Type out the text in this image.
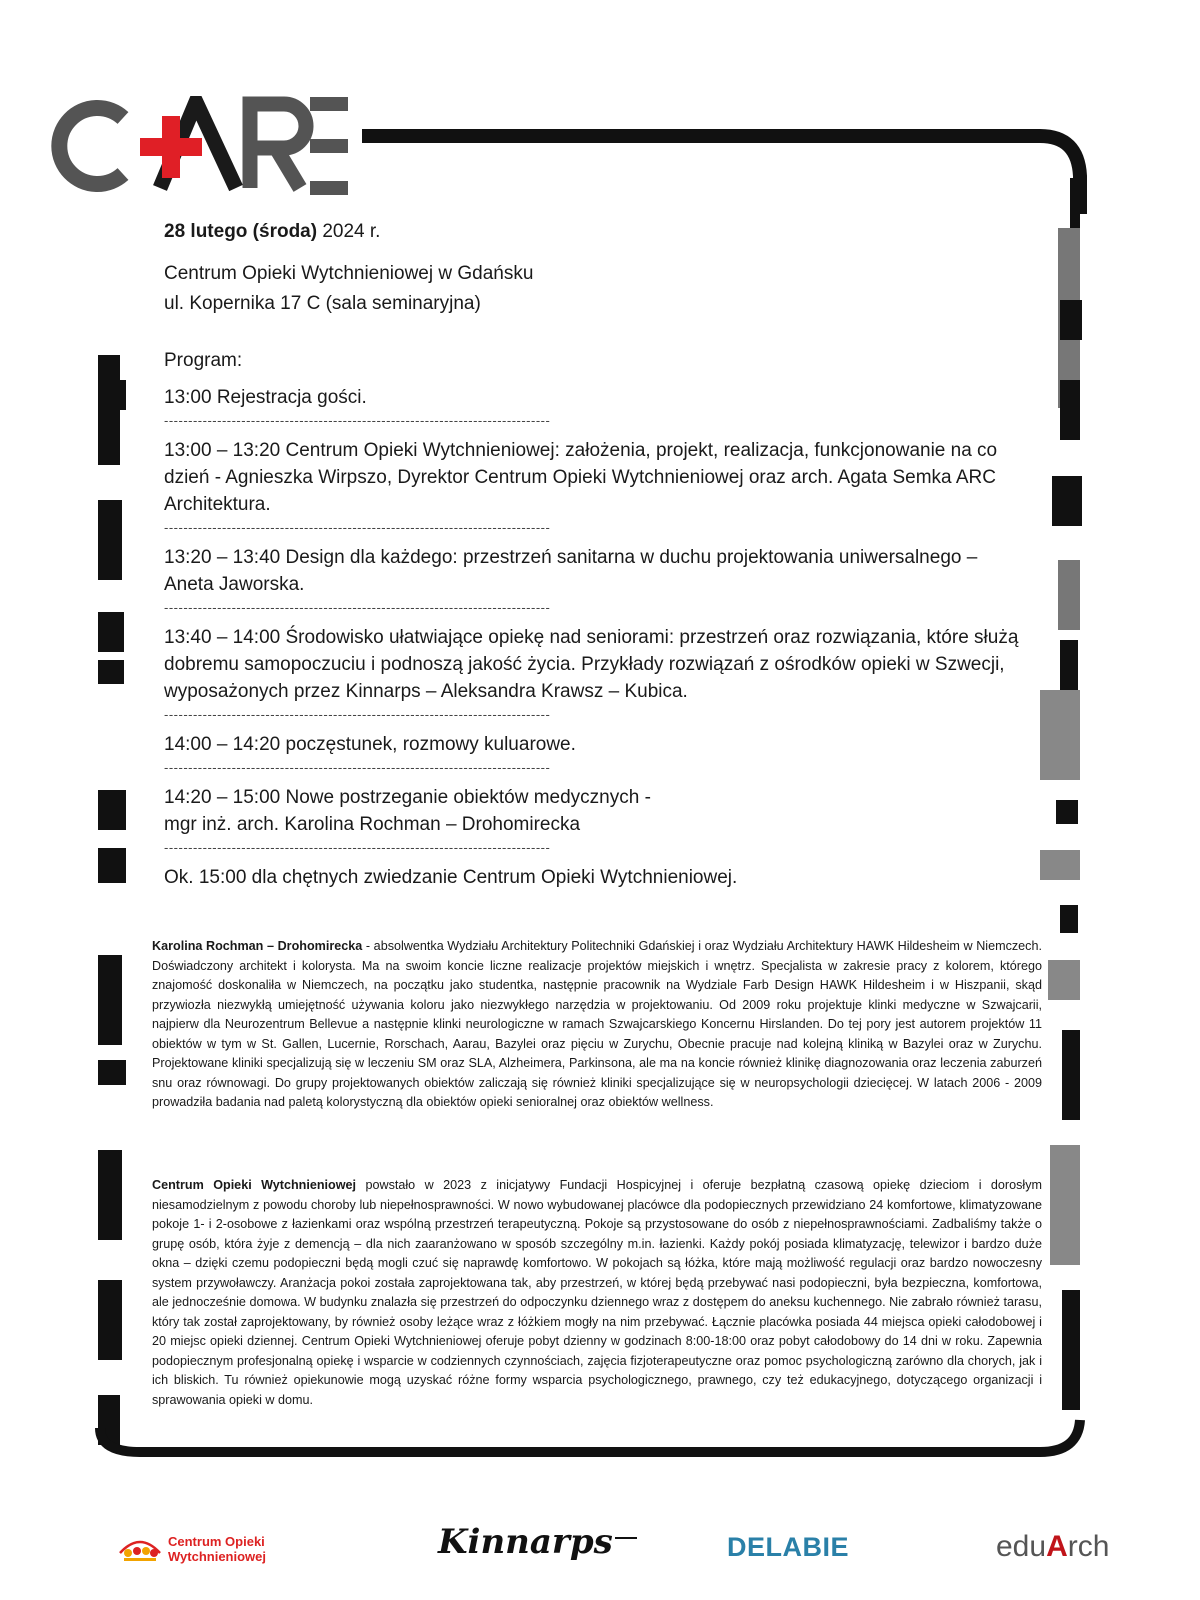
28 lutego (środa) 2024 r.
Centrum Opieki Wytchnieniowej w Gdańsku
ul. Kopernika 17 C (sala seminaryjna)
Program:
13:00 Rejestracja gości.
--------------------------------------------------------------------------------
13:00 – 13:20 Centrum Opieki Wytchnieniowej: założenia, projekt, realizacja, funkcjonowanie na co dzień - Agnieszka Wirpszo, Dyrektor Centrum Opieki Wytchnieniowej oraz arch. Agata Semka ARC Architektura.
--------------------------------------------------------------------------------
13:20 – 13:40 Design dla każdego: przestrzeń sanitarna w duchu projektowania uniwersalnego – Aneta Jaworska.
--------------------------------------------------------------------------------
13:40 – 14:00 Środowisko ułatwiające opiekę nad seniorami: przestrzeń oraz rozwiązania, które służą dobremu samopoczuciu i podnoszą jakość życia. Przykłady rozwiązań z ośrodków opieki w Szwecji, wyposażonych przez Kinnarps – Aleksandra Krawsz – Kubica.
--------------------------------------------------------------------------------
14:00 – 14:20 poczęstunek, rozmowy kuluarowe.
--------------------------------------------------------------------------------
14:20 – 15:00 Nowe postrzeganie obiektów medycznych -
mgr inż. arch. Karolina Rochman – Drohomirecka
--------------------------------------------------------------------------------
Ok. 15:00 dla chętnych zwiedzanie Centrum Opieki Wytchnieniowej.
Karolina Rochman – Drohomirecka - absolwentka Wydziału Architektury Politechniki Gdańskiej i oraz Wydziału Architektury HAWK Hildesheim w Niemczech. Doświadczony architekt i kolorysta. Ma na swoim koncie liczne realizacje projektów miejskich i wnętrz. Specjalista w zakresie pracy z kolorem, którego znajomość doskonaliła w Niemczech, na początku jako studentka, następnie pracownik na Wydziale Farb Design HAWK Hildesheim i w Hiszpanii, skąd przywiozła niezwykłą umiejętność używania koloru jako niezwykłego narzędzia w projektowaniu. Od 2009 roku projektuje klinki medyczne w Szwajcarii, najpierw dla Neurozentrum Bellevue a następnie klinki neurologiczne w ramach Szwajcarskiego Koncernu Hirslanden. Do tej pory jest autorem projektów 11 obiektów w tym w St. Gallen, Lucernie, Rorschach, Aarau, Bazylei oraz pięciu w Zurychu, Obecnie pracuje nad kolejną kliniką w Bazylei oraz w Zurychu. Projektowane kliniki specjalizują się w leczeniu SM oraz SLA, Alzheimera, Parkinsona, ale ma na koncie również klinikę diagnozowania oraz leczenia zaburzeń snu oraz równowagi. Do grupy projektowanych obiektów zaliczają się również kliniki specjalizujące się w neuropsychologii dziecięcej. W latach 2006 - 2009 prowadziła badania nad paletą kolorystyczną dla obiektów opieki senioralnej oraz obiektów wellness.
Centrum Opieki Wytchnieniowej powstało w 2023 z inicjatywy Fundacji Hospicyjnej i oferuje bezpłatną czasową opiekę dzieciom i dorosłym niesamodzielnym z powodu choroby lub niepełnosprawności. W nowo wybudowanej placówce dla podopiecznych przewidziano 24 komfortowe, klimatyzowane pokoje 1- i 2-osobowe z łazienkami oraz wspólną przestrzeń terapeutyczną. Pokoje są przystosowane do osób z niepełnosprawnościami. Zadbaliśmy także o grupę osób, która żyje z demencją – dla nich zaaranżowano w sposób szczególny m.in. łazienki. Każdy pokój posiada klimatyzację, telewizor i bardzo duże okna – dzięki czemu podopieczni będą mogli czuć się naprawdę komfortowo. W pokojach są łóżka, które mają możliwość regulacji oraz bardzo nowoczesny system przywoławczy. Aranżacja pokoi została zaprojektowana tak, aby przestrzeń, w której będą przebywać nasi podopieczni, była bezpieczna, komfortowa, ale jednocześnie domowa. W budynku znalazła się przestrzeń do odpoczynku dziennego wraz z dostępem do aneksu kuchennego. Nie zabrało również tarasu, który tak został zaprojektowany, by również osoby leżące wraz z łóżkiem mogły na nim przebywać. Łącznie placówka posiada 44 miejsca opieki całodobowej i 20 miejsc opieki dziennej. Centrum Opieki Wytchnieniowej oferuje pobyt dzienny w godzinach 8:00-18:00 oraz pobyt całodobowy do 14 dni w roku. Zapewnia podopiecznym profesjonalną opiekę i wsparcie w codziennych czynnościach, zajęcia fizjoterapeutyczne oraz pomoc psychologiczną zarówno dla chorych, jak i ich bliskich. Tu również opiekunowie mogą uzyskać różne formy wsparcia psychologicznego, prawnego, czy też edukacyjnego, dotyczącego organizacji i sprawowania opieki w domu.
Centrum Opieki
Wytchnieniowej	Kinnarps	DELABIE	edu A rch
